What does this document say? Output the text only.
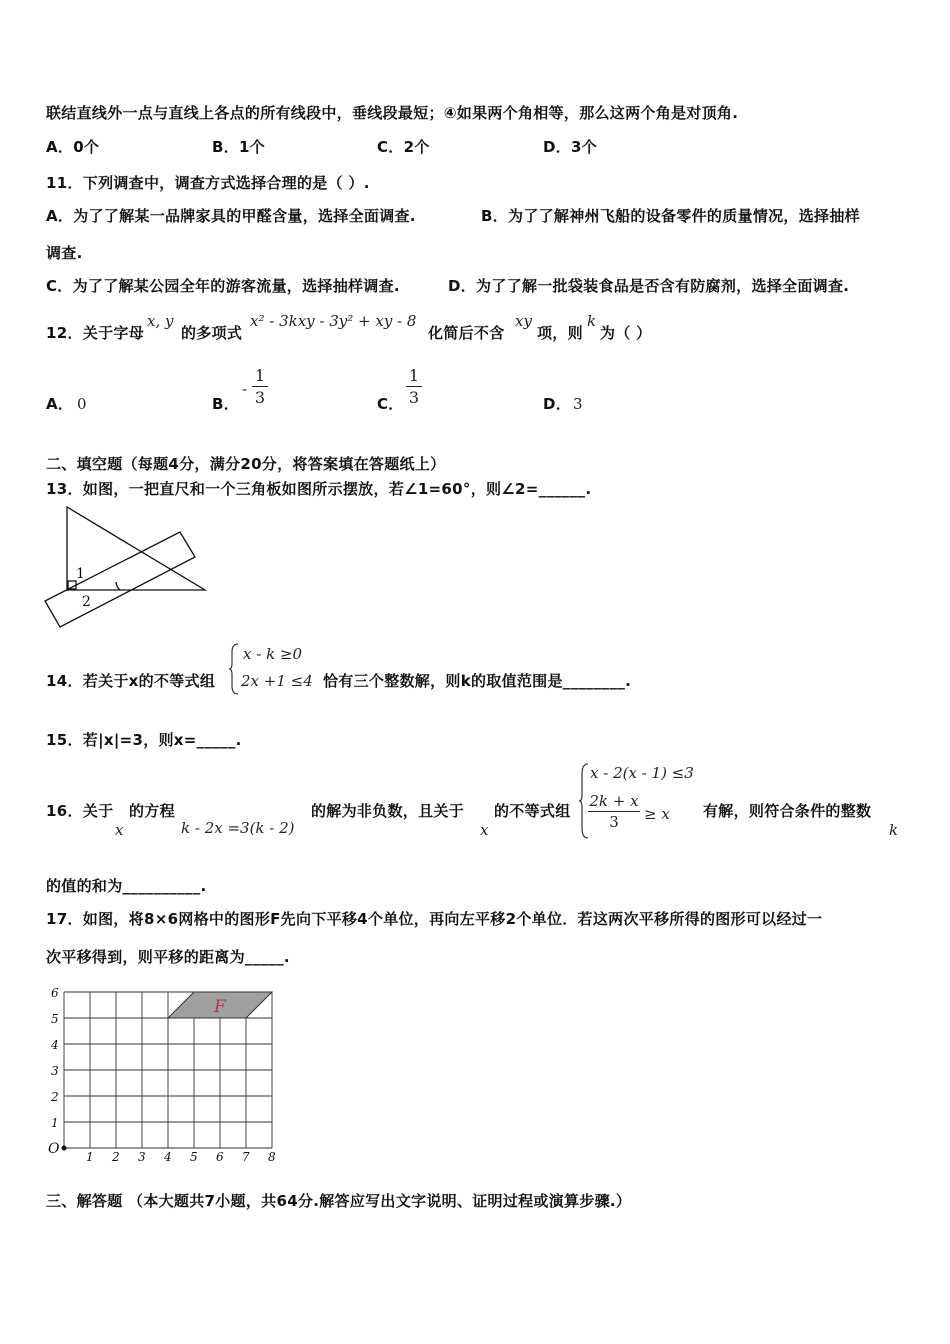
联结直线外一点与直线上各点的所有线段中，垂线段最短；④如果两个角相等，那么这两个角是对顶角.
A．0个	B．1个	C．2个	D．3个
11．下列调查中，调查方式选择合理的是（ ）.
A．为了了解某一品牌家具的甲醛含量，选择全面调查.	B．为了了解神州飞船的设备零件的质量情况，选择抽样
调查.
C．为了了解某公园全年的游客流量，选择抽样调查.	D．为了了解一批袋装食品是否含有防腐剂，选择全面调查.
12．关于字母
x, y
的多项式
x² - 3kxy - 3y² + xy - 8
化简后不含
xy
项，则
k
为（ ）
A． 0	B．
-
1
3	C．
1
3	D． 3
二、填空题（每题4分，满分20分，将答案填在答题纸上）
13．如图，一把直尺和一个三角板如图所示摆放，若∠1=60°，则∠2=______.
1
2
14．若关于x的不等式组
x - k ≥0
2x +1 ≤4 恰有三个整数解，则k的取值范围是________.
15．若|x|=3，则x=_____.
16．关于
x
的方程
k - 2x =3(k - 2)
的解为非负数，且关于
x
的不等式组
x - 2(x - 1) ≤3
2k + x
3	≥ x 有解，则符合条件的整数
k
的值的和为__________.
17．如图，将8×6网格中的图形F先向下平移4个单位，再向左平移2个单位．若这两次平移所得的图形可以经过一
次平移得到，则平移的距离为_____.
F
O 1 2 3 4 5 6 7 8
1
2
3
4
5
6
三、解答题 （本大题共7小题，共64分.解答应写出文字说明、证明过程或演算步骤.）
